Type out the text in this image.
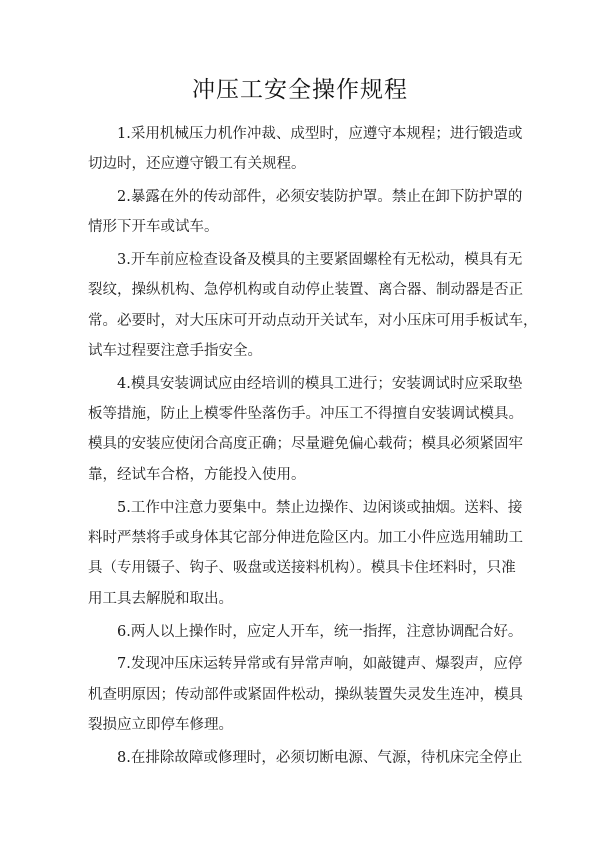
冲压工安全操作规程
1.采用机械压力机作冲裁、成型时，应遵守本规程；进行锻造或
切边时，还应遵守锻工有关规程。
2.暴露在外的传动部件，必须安装防护罩。禁止在卸下防护罩的
情形下开车或试车。
3.开车前应检查设备及模具的主要紧固螺栓有无松动，模具有无
裂纹，操纵机构、急停机构或自动停止装置、离合器、制动器是否正
常。必要时，对大压床可开动点动开关试车，对小压床可用手板试车，
试车过程要注意手指安全。
4.模具安装调试应由经培训的模具工进行；安装调试时应采取垫
板等措施，防止上模零件坠落伤手。冲压工不得擅自安装调试模具。
模具的安装应使闭合高度正确；尽量避免偏心载荷；模具必须紧固牢
靠，经试车合格，方能投入使用。
5.工作中注意力要集中。禁止边操作、边闲谈或抽烟。送料、接
料时严禁将手或身体其它部分伸进危险区内。加工小件应选用辅助工
具（专用镊子、钩子、吸盘或送接料机构）。模具卡住坯料时，只准
用工具去解脱和取出。
6.两人以上操作时，应定人开车，统一指挥，注意协调配合好。
7.发现冲压床运转异常或有异常声响，如敲键声、爆裂声，应停
机查明原因；传动部件或紧固件松动，操纵装置失灵发生连冲，模具
裂损应立即停车修理。
8.在排除故障或修理时，必须切断电源、气源，待机床完全停止
